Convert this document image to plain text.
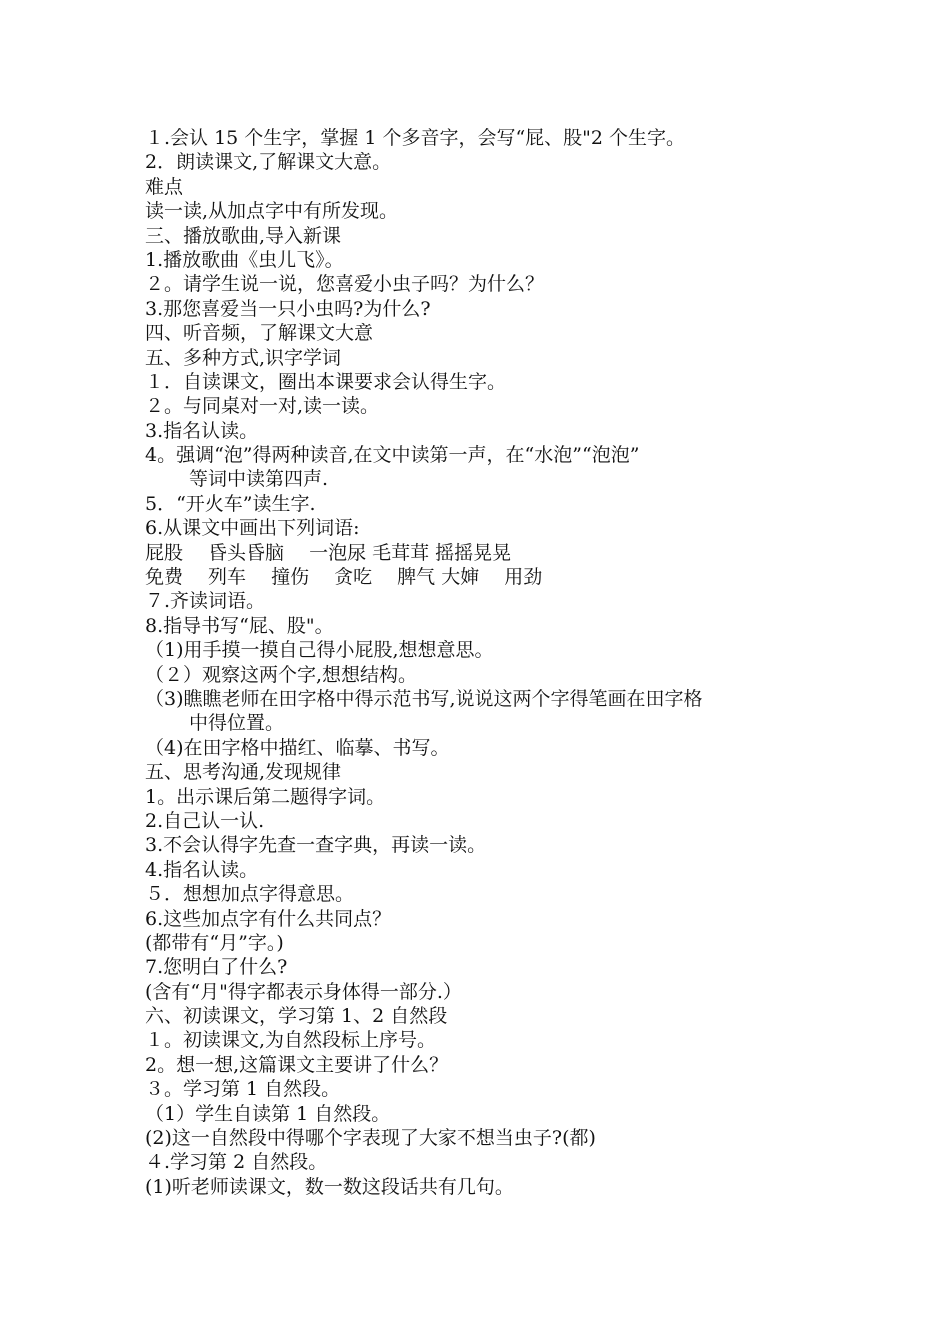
１.会认 15 个生字，掌握 1 个多音字，会写“屁、股"2 个生字。
2．朗读课文,了解课文大意。
难点
读一读,从加点字中有所发现。
三、播放歌曲,导入新课
1.播放歌曲《虫儿飞》。
２。请学生说一说，您喜爱小虫子吗？为什么？
3.那您喜爱当一只小虫吗?为什么?
四、听音频，了解课文大意
五、多种方式,识字学词
１．自读课文，圈出本课要求会认得生字。
２。与同桌对一对,读一读。
3.指名认读。
4。强调“泡”得两种读音,在文中读第一声，在“水泡”“泡泡”
等词中读第四声.
5．“开火车”读生字.
6.从课文中画出下列词语:
屁股　 昏头昏脑　 一泡尿 毛茸茸 摇摇晃晃
免费　 列车　 撞伤　 贪吃　 脾气 大婶　 用劲
７.齐读词语。
8.指导书写“屁、股"。
（1)用手摸一摸自己得小屁股,想想意思。
（２）观察这两个字,想想结构。
（3)瞧瞧老师在田字格中得示范书写,说说这两个字得笔画在田字格
中得位置。
（4)在田字格中描红、临摹、书写。
五、思考沟通,发现规律
1。出示课后第二题得字词。
2.自己认一认.
3.不会认得字先查一查字典，再读一读。
4.指名认读。
５．想想加点字得意思。
6.这些加点字有什么共同点？
(都带有“月”字。)
7.您明白了什么?
(含有“月"得字都表示身体得一部分.）
六、初读课文，学习第 1、2 自然段
１。初读课文,为自然段标上序号。
2。想一想,这篇课文主要讲了什么？
３。学习第 1 自然段。
（1）学生自读第 1 自然段。
(2)这一自然段中得哪个字表现了大家不想当虫子?(都)
４.学习第 2 自然段。
(1)听老师读课文，数一数这段话共有几句。
